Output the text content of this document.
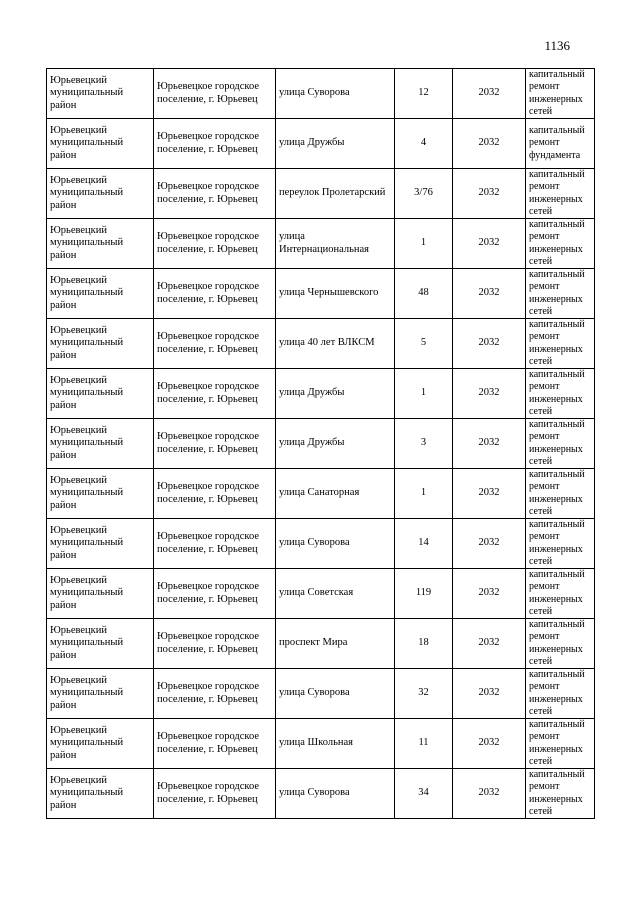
1136
Юрьевецкий муниципальный район	Юрьевецкое городское поселение, г. Юрьевец	улица Суворова	12	2032	капитальный ремонт инженерных сетей
Юрьевецкий муниципальный район	Юрьевецкое городское поселение, г. Юрьевец	улица Дружбы	4	2032	капитальный ремонт фундамента
Юрьевецкий муниципальный район	Юрьевецкое городское поселение, г. Юрьевец	переулок Пролетарский	3/76	2032	капитальный ремонт инженерных сетей
Юрьевецкий муниципальный район	Юрьевецкое городское поселение, г. Юрьевец	улица Интернациональная	1	2032	капитальный ремонт инженерных сетей
Юрьевецкий муниципальный район	Юрьевецкое городское поселение, г. Юрьевец	улица Чернышевского	48	2032	капитальный ремонт инженерных сетей
Юрьевецкий муниципальный район	Юрьевецкое городское поселение, г. Юрьевец	улица 40 лет ВЛКСМ	5	2032	капитальный ремонт инженерных сетей
Юрьевецкий муниципальный район	Юрьевецкое городское поселение, г. Юрьевец	улица Дружбы	1	2032	капитальный ремонт инженерных сетей
Юрьевецкий муниципальный район	Юрьевецкое городское поселение, г. Юрьевец	улица Дружбы	3	2032	капитальный ремонт инженерных сетей
Юрьевецкий муниципальный район	Юрьевецкое городское поселение, г. Юрьевец	улица Санаторная	1	2032	капитальный ремонт инженерных сетей
Юрьевецкий муниципальный район	Юрьевецкое городское поселение, г. Юрьевец	улица Суворова	14	2032	капитальный ремонт инженерных сетей
Юрьевецкий муниципальный район	Юрьевецкое городское поселение, г. Юрьевец	улица Советская	119	2032	капитальный ремонт инженерных сетей
Юрьевецкий муниципальный район	Юрьевецкое городское поселение, г. Юрьевец	проспект Мира	18	2032	капитальный ремонт инженерных сетей
Юрьевецкий муниципальный район	Юрьевецкое городское поселение, г. Юрьевец	улица Суворова	32	2032	капитальный ремонт инженерных сетей
Юрьевецкий муниципальный район	Юрьевецкое городское поселение, г. Юрьевец	улица Школьная	11	2032	капитальный ремонт инженерных сетей
Юрьевецкий муниципальный район	Юрьевецкое городское поселение, г. Юрьевец	улица Суворова	34	2032	капитальный ремонт инженерных сетей
